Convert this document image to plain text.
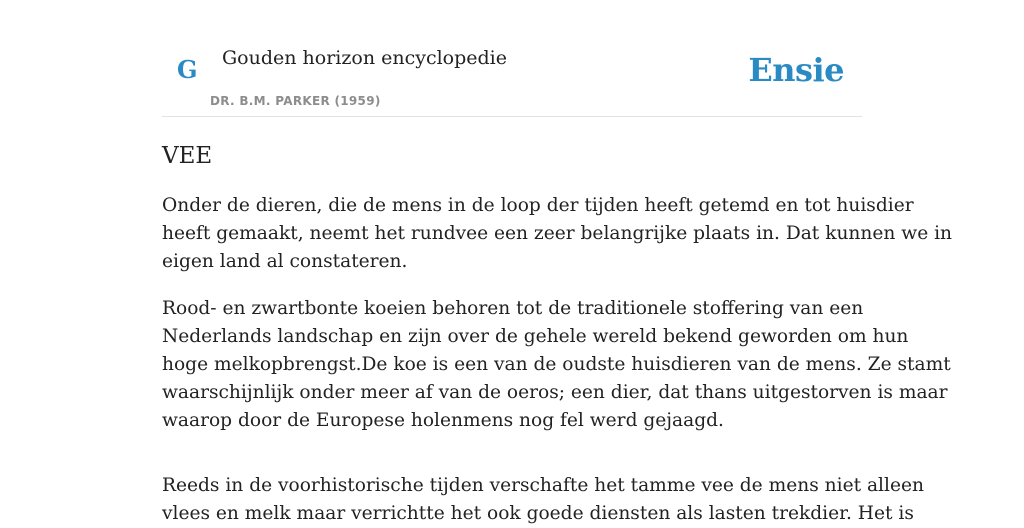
G Gouden horizon encyclopedie
DR. B.M. PARKER (1959)
Ensie
VEE

Onder de dieren, die de mens in de loop der tijden heeft getemd en tot huisdier
heeft gemaakt, neemt het rundvee een zeer belangrijke plaats in. Dat kunnen we in
eigen land al constateren.

Rood- en zwartbonte koeien behoren tot de traditionele stoffering van een
Nederlands landschap en zijn over de gehele wereld bekend geworden om hun
hoge melkopbrengst.De koe is een van de oudste huisdieren van de mens. Ze stamt
waarschijnlijk onder meer af van de oeros; een dier, dat thans uitgestorven is maar
waarop door de Europese holenmens nog fel werd gejaagd.

Reeds in de voorhistorische tijden verschafte het tamme vee de mens niet alleen
vlees en melk maar verrichtte het ook goede diensten als lasten trekdier. Het is
